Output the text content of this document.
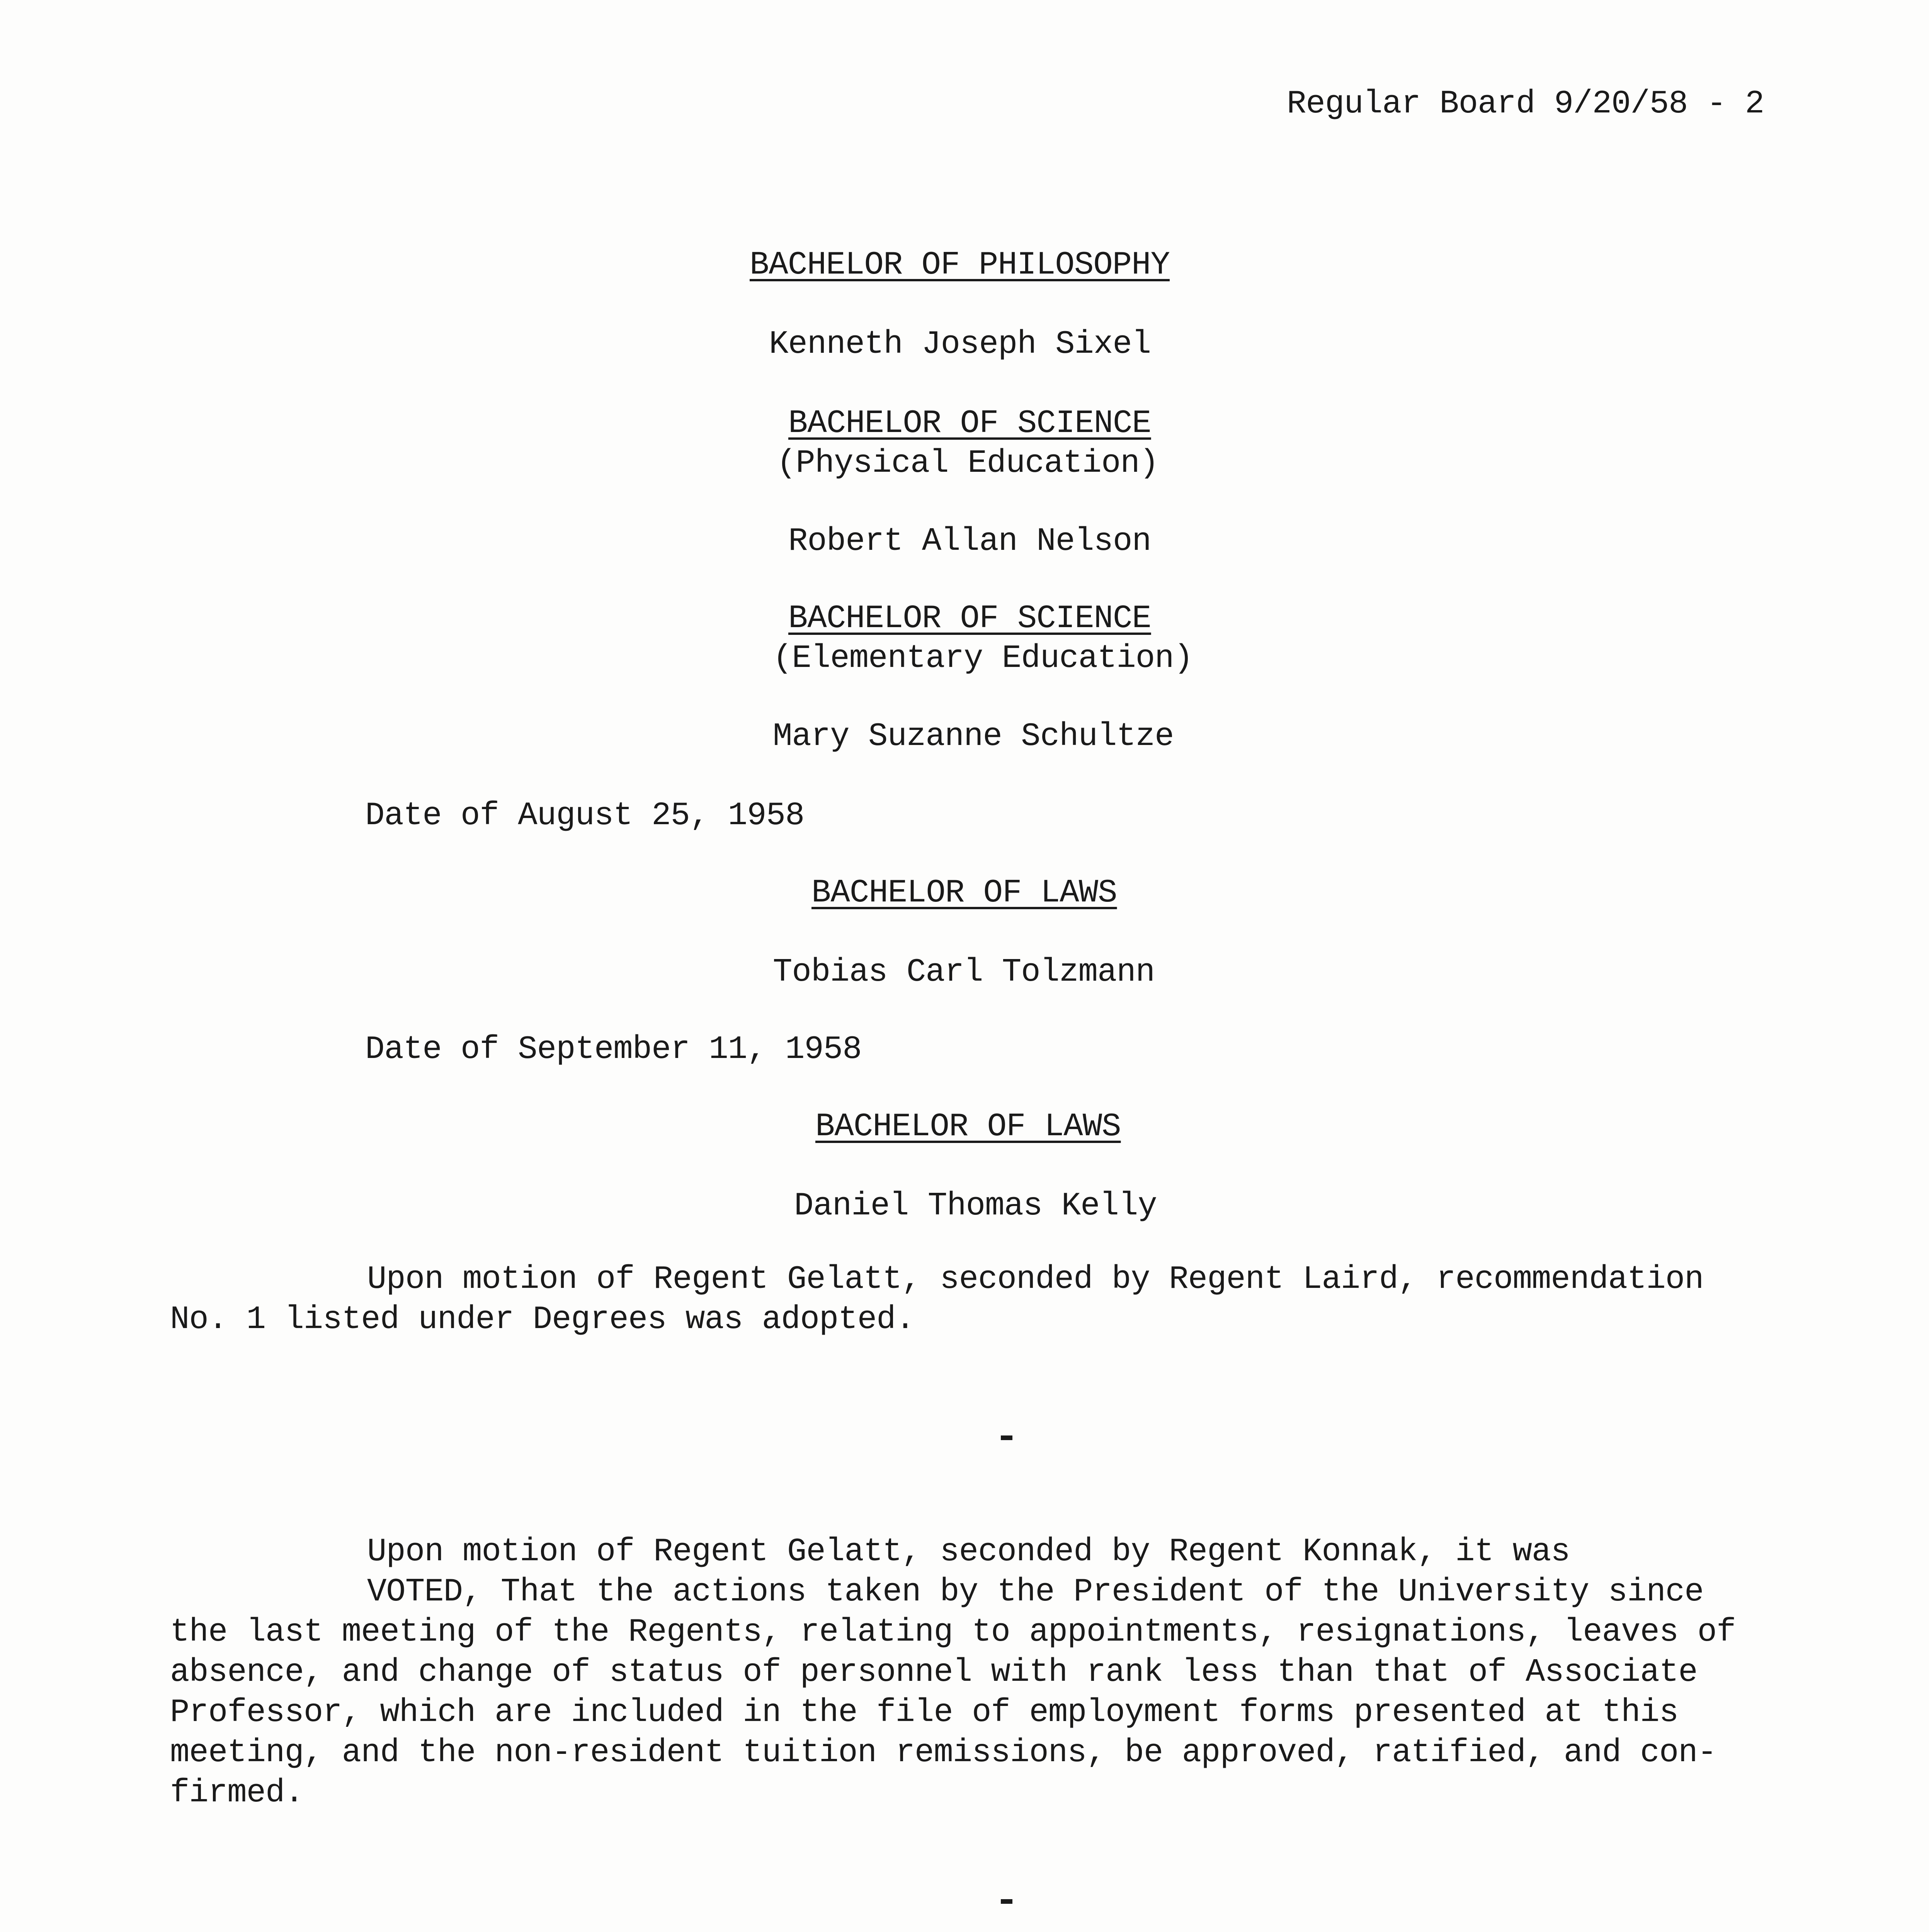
Regular Board 9/20/58 - 2
BACHELOR OF PHILOSOPHY
Kenneth Joseph Sixel
BACHELOR OF SCIENCE
(Physical Education)
Robert Allan Nelson
BACHELOR OF SCIENCE
(Elementary Education)
Mary Suzanne Schultze
Date of August 25, 1958
BACHELOR OF LAWS
Tobias Carl Tolzmann
Date of September 11, 1958
BACHELOR OF LAWS
Daniel Thomas Kelly
Upon motion of Regent Gelatt, seconded by Regent Laird, recommendation
No. 1 listed under Degrees was adopted.
Upon motion of Regent Gelatt, seconded by Regent Konnak, it was
VOTED, That the actions taken by the President of the University since
the last meeting of the Regents, relating to appointments, resignations, leaves of
absence, and change of status of personnel with rank less than that of Associate
Professor, which are included in the file of employment forms presented at this
meeting, and the non-resident tuition remissions, be approved, ratified, and con-
firmed.
